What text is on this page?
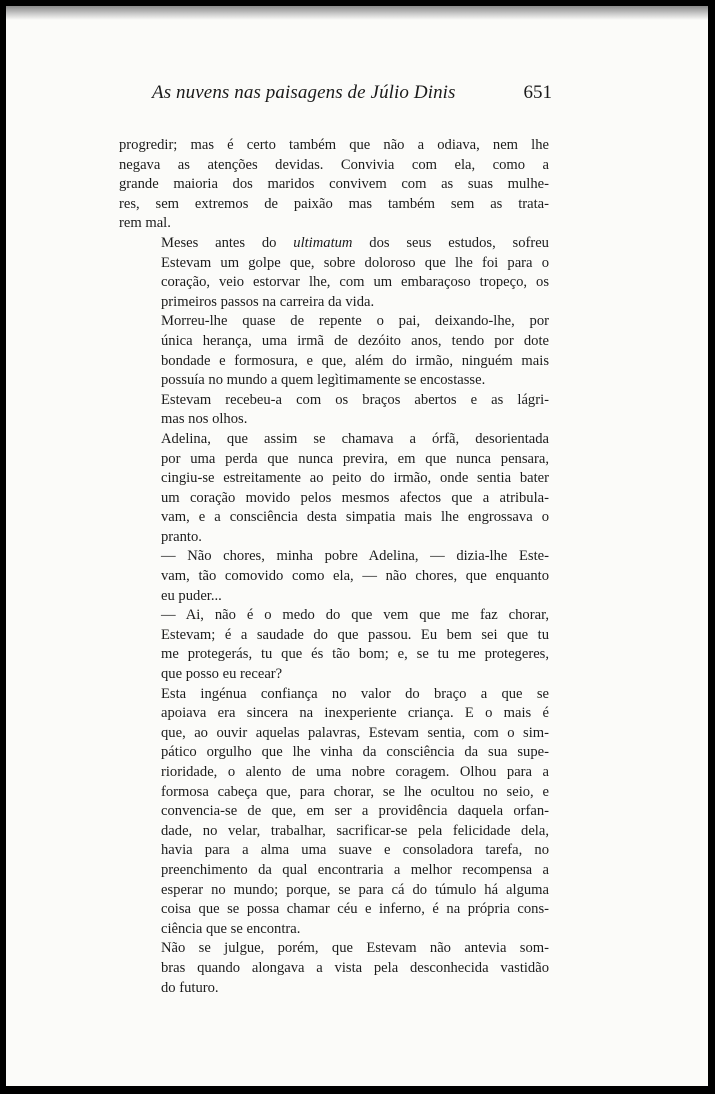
As nuvens nas paisagens de Júlio Dinis	651

progredir; mas é certo também que não a odiava, nem lhe
negava as atenções devidas. Convivia com ela, como a
grande maioria dos maridos convivem com as suas mulhe-
res, sem extremos de paixão mas também sem as trata-
rem mal.

Meses antes do ultimatum dos seus estudos, sofreu
Estevam um golpe que, sobre doloroso que lhe foi para o
coração, veio estorvar lhe, com um embaraçoso tropeço, os
primeiros passos na carreira da vida.

Morreu-lhe quase de repente o pai, deixando-lhe, por
única herança, uma irmã de dezóito anos, tendo por dote
bondade e formosura, e que, além do irmão, ninguém mais
possuía no mundo a quem legìtimamente se encostasse.

Estevam recebeu-a com os braços abertos e as lágri-
mas nos olhos.

Adelina, que assim se chamava a órfã, desorientada
por uma perda que nunca previra, em que nunca pensara,
cingiu-se estreitamente ao peito do irmão, onde sentia bater
um coração movido pelos mesmos afectos que a atribula-
vam, e a consciência desta simpatia mais lhe engrossava o
pranto.

— Não chores, minha pobre Adelina, — dizia-lhe Este-
vam, tão comovido como ela, — não chores, que enquanto
eu puder...

— Ai, não é o medo do que vem que me faz chorar,
Estevam; é a saudade do que passou. Eu bem sei que tu
me protegerás, tu que és tão bom; e, se tu me protegeres,
que posso eu recear?

Esta ingénua confiança no valor do braço a que se
apoiava era sincera na inexperiente criança. E o mais é
que, ao ouvir aquelas palavras, Estevam sentia, com o sim-
pático orgulho que lhe vinha da consciência da sua supe-
rioridade, o alento de uma nobre coragem. Olhou para a
formosa cabeça que, para chorar, se lhe ocultou no seio, e
convencia-se de que, em ser a providência daquela orfan-
dade, no velar, trabalhar, sacrificar-se pela felicidade dela,
havia para a alma uma suave e consoladora tarefa, no
preenchimento da qual encontraria a melhor recompensa a
esperar no mundo; porque, se para cá do túmulo há alguma
coisa que se possa chamar céu e inferno, é na própria cons-
ciência que se encontra.

Não se julgue, porém, que Estevam não antevia som-
bras quando alongava a vista pela desconhecida vastidão
do futuro.
